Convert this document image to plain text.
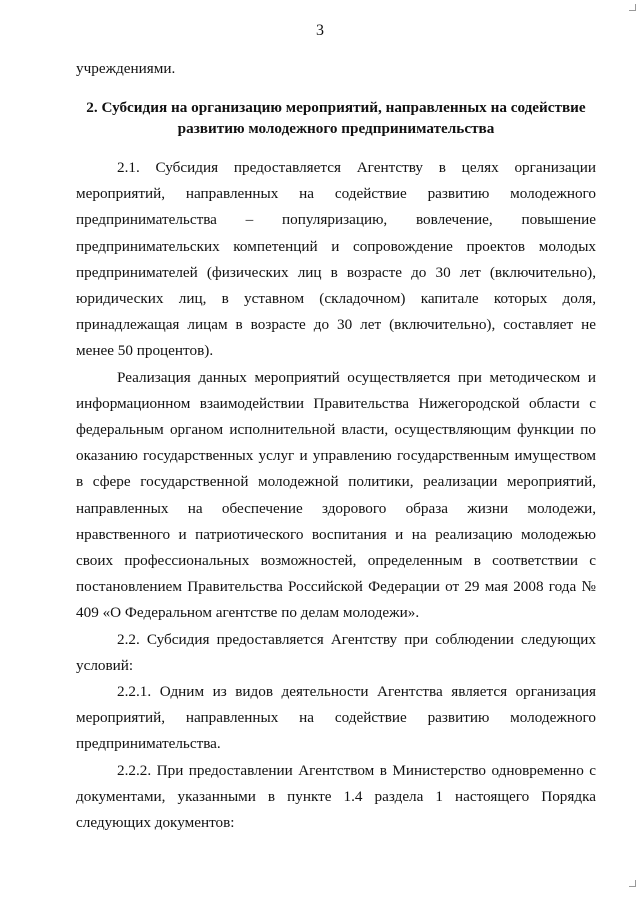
3

учреждениями.

2. Субсидия на организацию мероприятий, направленных на содействие развитию молодежного предпринимательства

2.1. Субсидия предоставляется Агентству в целях организации мероприятий, направленных на содействие развитию молодежного предпринимательства – популяризацию, вовлечение, повышение предпринимательских компетенций и сопровождение проектов молодых предпринимателей (физических лиц в возрасте до 30 лет (включительно), юридических лиц, в уставном (складочном) капитале которых доля, принадлежащая лицам в возрасте до 30 лет (включительно), составляет не менее 50 процентов).

Реализация данных мероприятий осуществляется при методическом и информационном взаимодействии Правительства Нижегородской области с федеральным органом исполнительной власти, осуществляющим функции по оказанию государственных услуг и управлению государственным имуществом в сфере государственной молодежной политики, реализации мероприятий, направленных на обеспечение здорового образа жизни молодежи, нравственного и патриотического воспитания и на реализацию молодежью своих профессиональных возможностей, определенным в соответствии с постановлением Правительства Российской Федерации от 29 мая 2008 года № 409 «О Федеральном агентстве по делам молодежи».

2.2. Субсидия предоставляется Агентству при соблюдении следующих условий:

2.2.1. Одним из видов деятельности Агентства является организация мероприятий, направленных на содействие развитию молодежного предпринимательства.

2.2.2. При предоставлении Агентством в Министерство одновременно с документами, указанными в пункте 1.4 раздела 1 настоящего Порядка следующих документов:
